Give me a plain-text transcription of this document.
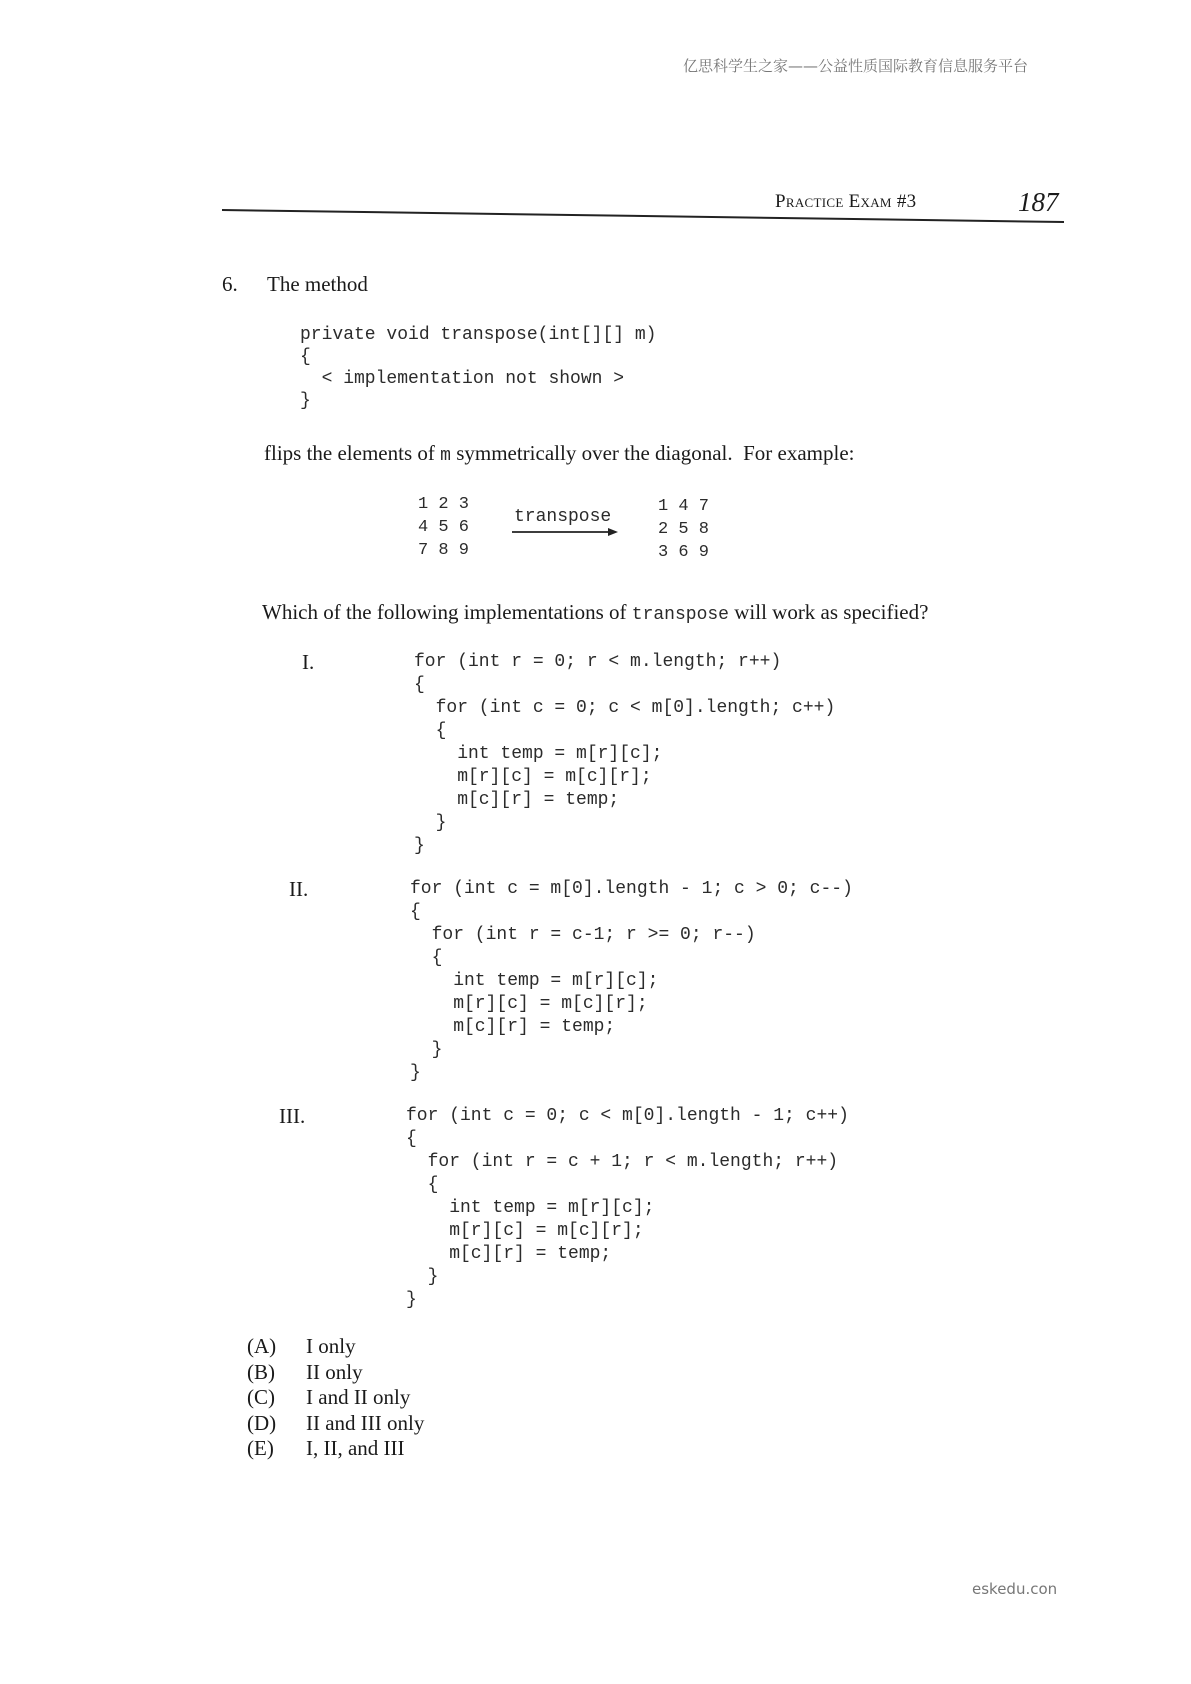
亿思科学生之家——公益性质国际教育信息服务平台
Practice Exam #3	187
6. The method
private void transpose(int[][] m)
{
< implementation not shown >
}
flips the elements of m symmetrically over the diagonal.  For example:
1 2 3
4 5 6
7 8 9
transpose
1 4 7
2 5 8
3 6 9
Which of the following implementations of transpose will work as specified?
I.	for (int r = 0; r < m.length; r++)
{
for (int c = 0; c < m[0].length; c++)
{
int temp = m[r][c];
m[r][c] = m[c][r];
m[c][r] = temp;
}
}
II.	for (int c = m[0].length - 1; c > 0; c--)
{
for (int r = c-1; r >= 0; r--)
{
int temp = m[r][c];
m[r][c] = m[c][r];
m[c][r] = temp;
}
}
III.	for (int c = 0; c < m[0].length - 1; c++)
{
for (int r = c + 1; r < m.length; r++)
{
int temp = m[r][c];
m[r][c] = m[c][r];
m[c][r] = temp;
}
}
(A) I only
(B) II only
(C) I and II only
(D) II and III only
(E) I, II, and III
eskedu.con
